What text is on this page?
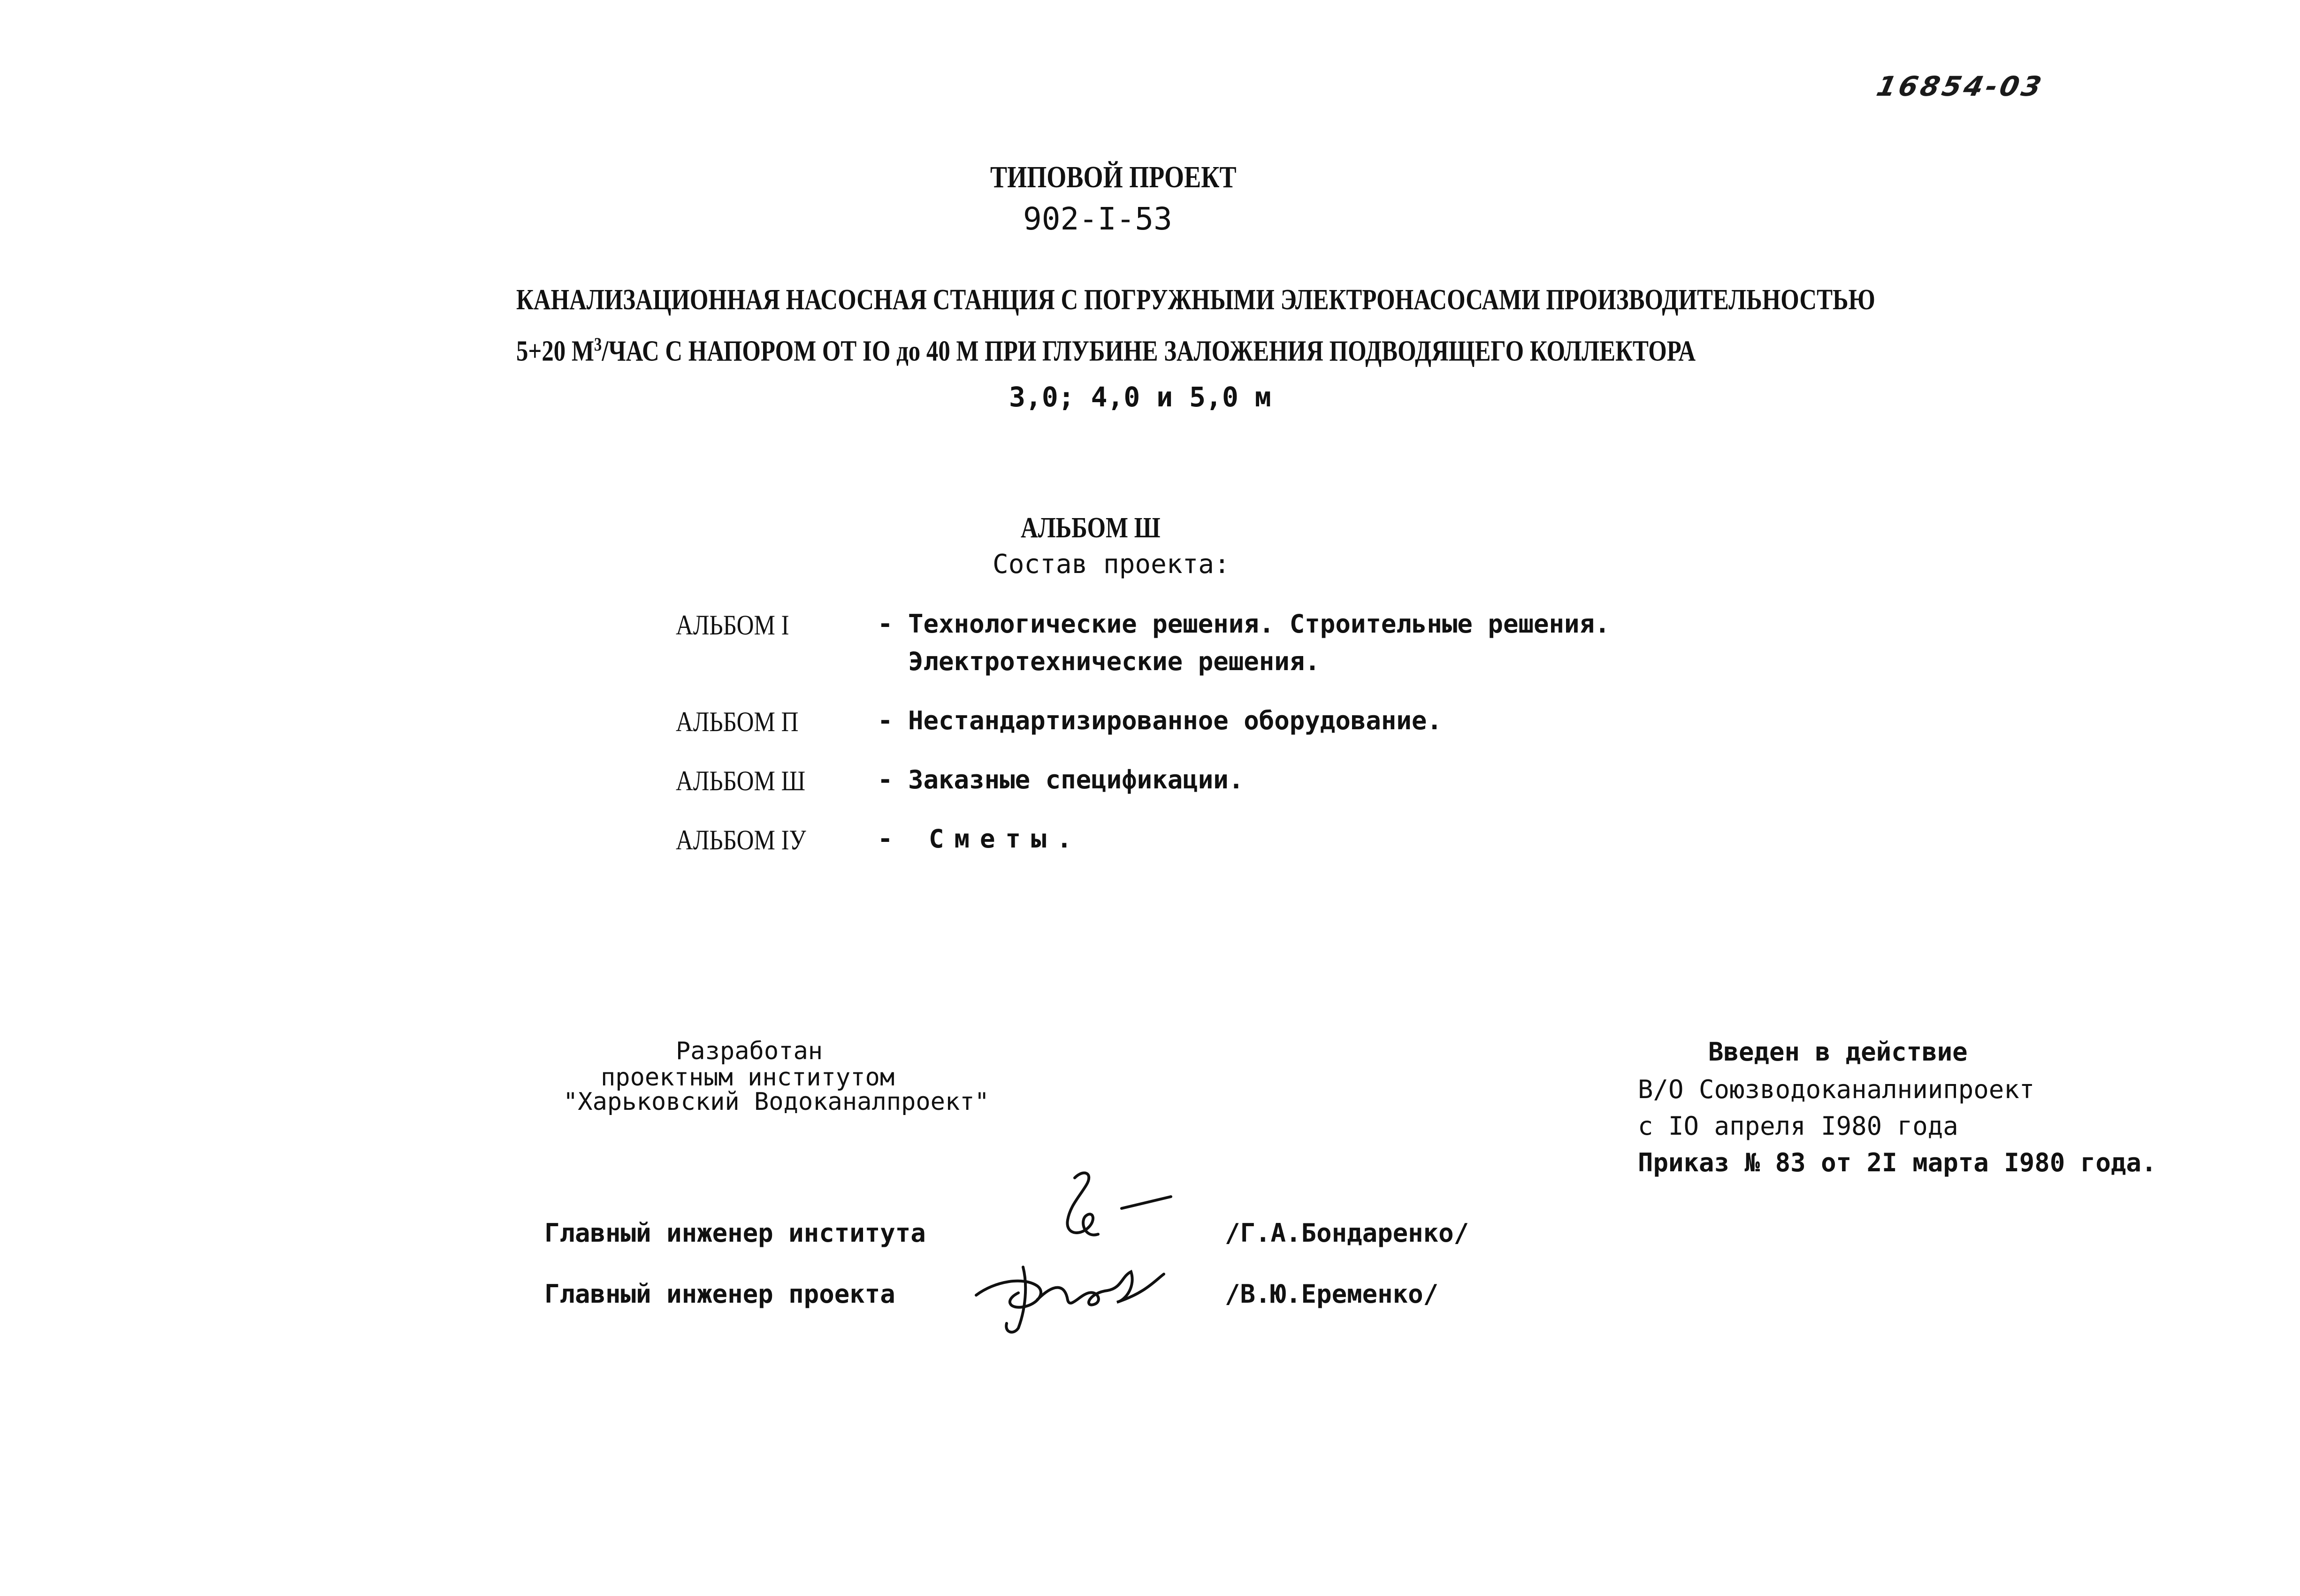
16854-03
ТИПОВОЙ ПРОЕКТ
902-I-53
КАНАЛИЗАЦИОННАЯ НАСОСНАЯ СТАНЦИЯ С ПОГРУЖНЫМИ ЭЛЕКТРОНАСОСАМИ ПРОИЗВОДИТЕЛЬНОСТЬЮ
5+20 $М^3$/ЧАС С НАПОРОМ ОТ IO до 40 М ПРИ ГЛУБИНЕ ЗАЛОЖЕНИЯ ПОДВОДЯЩЕГО КОЛЛЕКТОРА
3,0; 4,0 и 5,0 м
АЛЬБОМ Ш
Состав проекта:
АЛЬБОМ I	- Технологические решения. Строительные решения.
Электротехнические решения.
АЛЬБОМ П	- Нестандартизированное оборудование.
АЛЬБОМ Ш	- Заказные спецификации.
АЛЬБОМ IУ	- Сметы.
Разработан
проектным институтом
"Харьковский Водоканалпроект"
Введен в действие
В/О Союзводоканалниипроект
с IO апреля I980 года
Приказ № 83 от 2I марта I980 года.
Главный инженер института	/Г.А.Бондаренко/
Главный инженер проекта	/В.Ю.Еременко/
